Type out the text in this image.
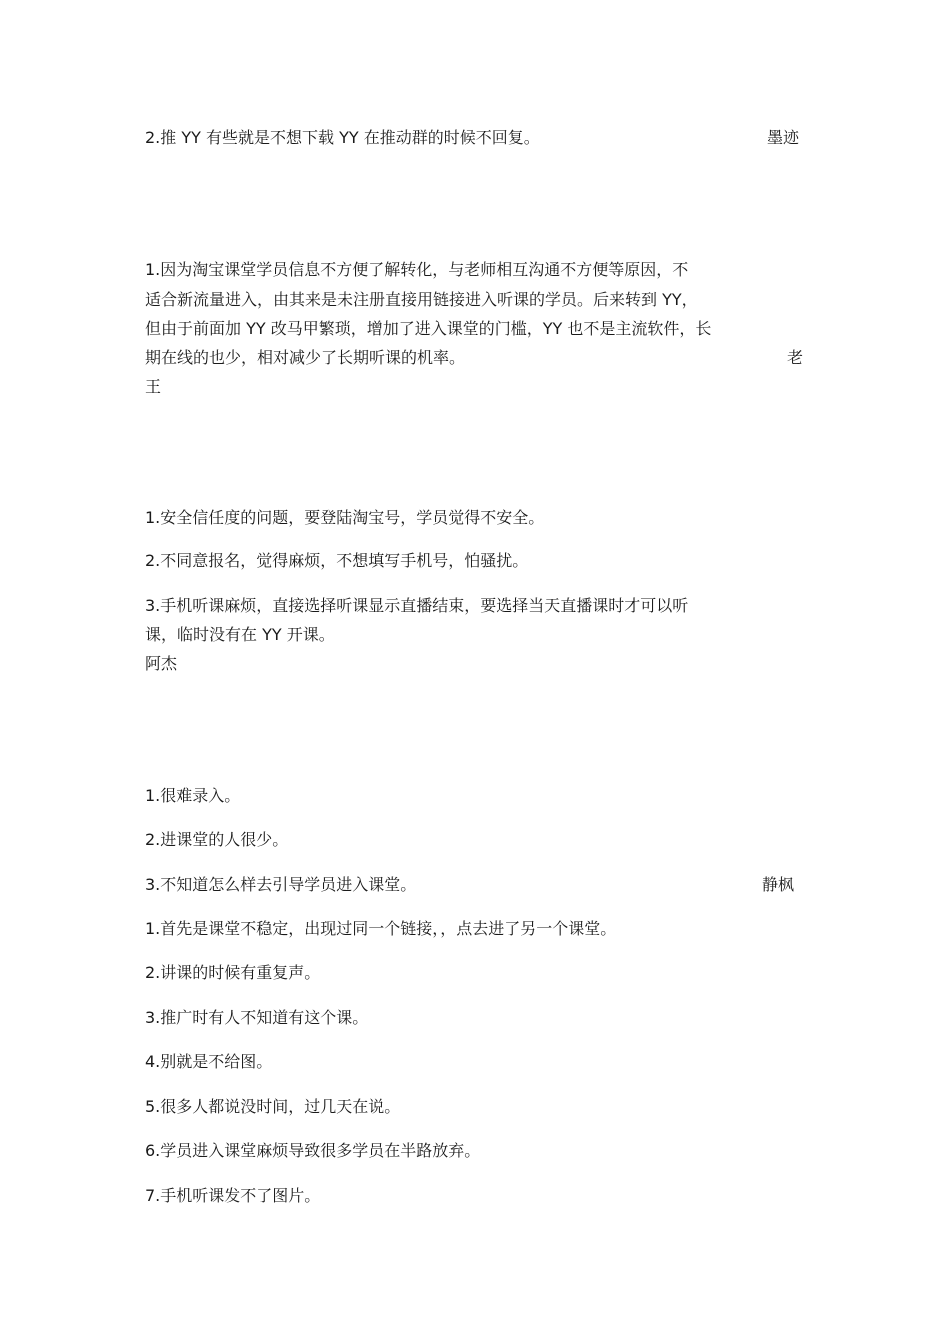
2.推 YY 有些就是不想下载 YY 在推动群的时候不回复。	墨迹
1.因为淘宝课堂学员信息不方便了解转化，与老师相互沟通不方便等原因，不
适合新流量进入，由其来是未注册直接用链接进入听课的学员。后来转到 YY，
但由于前面加 YY 改马甲繁琐，增加了进入课堂的门槛，YY 也不是主流软件，长
期在线的也少，相对减少了长期听课的机率。	老
王
1.安全信任度的问题，要登陆淘宝号，学员觉得不安全。
2.不同意报名，觉得麻烦，不想填写手机号，怕骚扰。
3.手机听课麻烦，直接选择听课显示直播结束，要选择当天直播课时才可以听
课，临时没有在 YY 开课。
阿杰
1.很难录入。
2.进课堂的人很少。
3.不知道怎么样去引导学员进入课堂。	静枫
1.首先是课堂不稳定，出现过同一个链接，，点去进了另一个课堂。
2.讲课的时候有重复声。
3.推广时有人不知道有这个课。
4.别就是不给图。
5.很多人都说没时间，过几天在说。
6.学员进入课堂麻烦导致很多学员在半路放弃。
7.手机听课发不了图片。
